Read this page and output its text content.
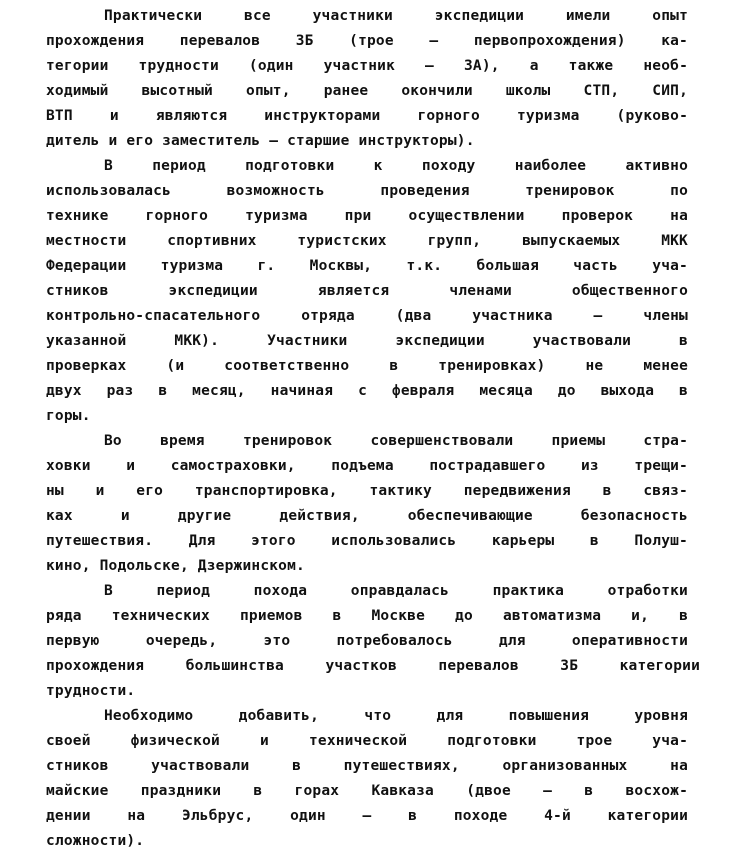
Практически все участники экспедиции имели опыт
прохождения перевалов 3Б (трое – первопрохождения) ка-
тегории трудности (один участник – 3А), а также необ-
ходимый высотный опыт, ранее окончили школы СТП, СИП,
ВТП и являются инструкторами горного туризма (руково-
дитель и его заместитель – старшие инструкторы).
В период подготовки к походу наиболее активно
использовалась возможность проведения тренировок по
технике горного туризма при осуществлении проверок на
местности спортивних туристских групп, выпускаемых МКК
Федерации туризма г. Москвы, т.к. большая часть уча-
стников экспедиции является членами общественного
контрольно-спасательного отряда (два участника – члены
указанной МКК). Участники экспедиции участвовали в
проверках (и соответственно в тренировках) не менее
двух раз в месяц, начиная с февраля месяца до выхода в
горы.
Во время тренировок совершенствовали приемы стра-
ховки и самостраховки, подъема пострадавшего из трещи-
ны и его транспортировка, тактику передвижения в связ-
ках и другие действия, обеспечивающие безопасность
путешествия. Для этого использовались карьеры в Полуш-
кино, Подольске, Дзержинском.
В период похода оправдалась практика отработки
ряда технических приемов в Москве до автоматизма и, в
первую очередь, это потребовалось для оперативности
прохождения большинства участков перевалов 3Б категории
трудности.
Необходимо добавить, что для повышения уровня
своей физической и технической подготовки трое уча-
стников участвовали в путешествиях, организованных на
майские праздники в горах Кавказа (двое – в восхож-
дении на Эльбрус, один – в походе 4-й категории
сложности).
